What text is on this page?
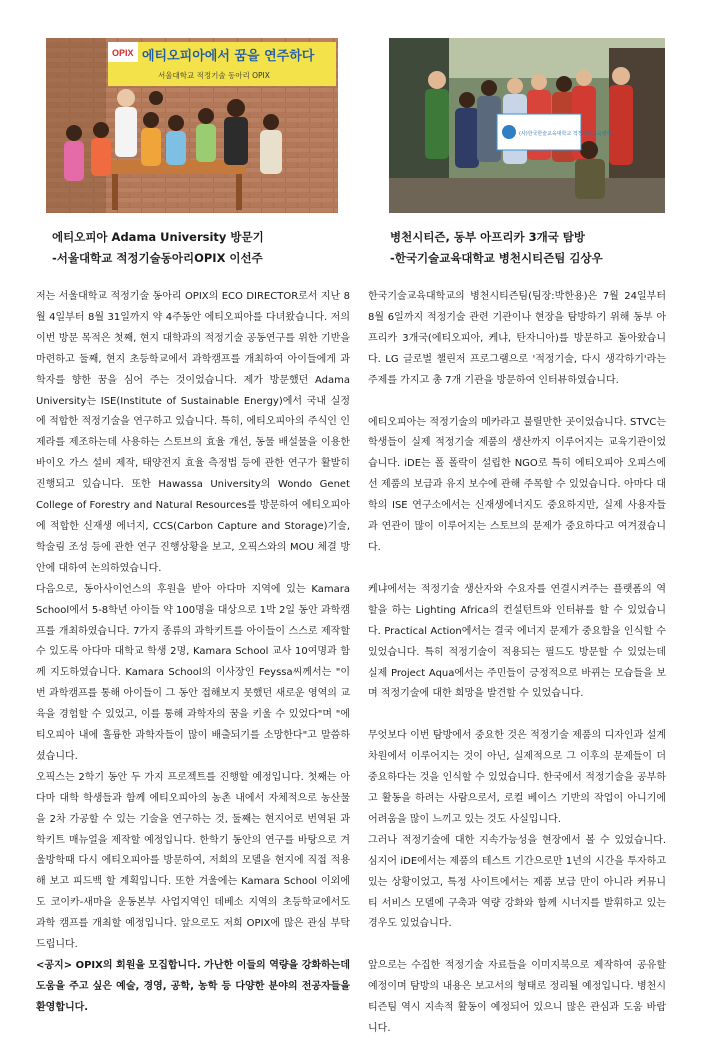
OPIX 에티오피아에서 꿈을 연주하다
서울대학교 적정기술 동아리 OPIX
(사)한국한술교육대학교 적정기술교육센터
에티오피아 Adama University 방문기
-서울대학교 적정기술동아리OPIX 이선주
병천시티즌, 동부 아프리카 3개국 탐방
-한국기술교육대학교 병천시티즌팀 김상우

저는 서울대학교 적정기술 동아리 OPIX의 ECO DIRECTOR로서 지난 8월 4일부터 8월 31일까지 약 4주동안 에티오피아를 다녀왔습니다. 저의 이번 방문 목적은 첫째, 현지 대학과의 적정기술 공동연구를 위한 기반을 마련하고 둘째, 현지 초등학교에서 과학캠프를 개최하여 아이들에게 과학자를 향한 꿈을 심어 주는 것이었습니다. 제가 방문했던 Adama University는 ISE(Institute of Sustainable Energy)에서 국내 실정에 적합한 적정기술을 연구하고 있습니다. 특히, 에티오피아의 주식인 인제라를 제조하는데 사용하는 스토브의 효율 개선, 동물 배설물을 이용한 바이오 가스 설비 제작, 태양전지 효율 측정법 등에 관한 연구가 활발히 진행되고 있습니다. 또한 Hawassa University의 Wondo Genet College of Forestry and Natural Resources를 방문하여 에티오피아에 적합한 신재생 에너지, CCS(Carbon Capture and Storage)기술, 학술림 조성 등에 관한 연구 진행상황을 보고, 오픽스와의 MOU 체결 방안에 대하여 논의하였습니다.

다음으로, 동아사이언스의 후원을 받아 아다마 지역에 있는 Kamara School에서 5-8학년 아이들 약 100명을 대상으로 1박 2일 동안 과학캠프를 개최하였습니다. 7가지 종류의 과학키트를 아이들이 스스로 제작할 수 있도록 아다마 대학교 학생 2명, Kamara School 교사 10여명과 함께 지도하였습니다. Kamara School의 이사장인 Feyssa씨께서는 "이번 과학캠프를 통해 아이들이 그 동안 접해보지 못했던 새로운 영역의 교육을 경험할 수 있었고, 이를 통해 과학자의 꿈을 키울 수 있었다"며 "에티오피아 내에 훌륭한 과학자들이 많이 배출되기를 소망한다"고 말씀하셨습니다.

오픽스는 2학기 동안 두 가지 프로젝트를 진행할 예정입니다. 첫째는 아다마 대학 학생들과 함께 에티오피아의 농촌 내에서 자체적으로 농산물을 2차 가공할 수 있는 기술을 연구하는 것, 둘째는 현지어로 번역된 과학키트 매뉴얼을 제작할 예정입니다. 한학기 동안의 연구를 바탕으로 겨울방학때 다시 에티오피아를 방문하여, 저희의 모델을 현지에 직접 적용해 보고 피드백 할 계획입니다. 또한 겨울에는 Kamara School 이외에도 코이카-새마을 운동본부 사업지역인 데베소 지역의 초등학교에서도 과학 캠프를 개최할 예정입니다. 앞으로도 저희 OPIX에 많은 관심 부탁드립니다.

<공지> OPIX의 회원을 모집합니다. 가난한 이들의 역량을 강화하는데 도움을 주고 싶은 예술, 경영, 공학, 농학 등 다양한 분야의 전공자들을 환영합니다.

한국기술교육대학교의 병천시티즌팀(팀장:박한용)은 7월 24일부터 8월 6일까지 적정기술 관련 기관이나 현장을 탐방하기 위해 동부 아프리카 3개국(에티오피아, 케냐, 탄자니아)를 방문하고 돌아왔습니다. LG 글로벌 챌린저 프로그램으로 '적정기술, 다시 생각하기'라는 주제를 가지고 총 7개 기관을 방문하여 인터뷰하였습니다.

에티오피아는 적정기술의 메카라고 불릴만한 곳이었습니다. STVC는 학생들이 실제 적정기술 제품의 생산까지 이루어지는 교육기관이었습니다. iDE는 폴 폴락이 설립한 NGO로 특히 에티오피아 오피스에선 제품의 보급과 유지 보수에 관해 주목할 수 있었습니다. 아마다 대학의 ISE 연구소에서는 신재생에너지도 중요하지만, 실제 사용자들과 연관이 많이 이루어지는 스토브의 문제가 중요하다고 여겨졌습니다.

케냐에서는 적정기술 생산자와 수요자를 연결시켜주는 플랫폼의 역할을 하는 Lighting Africa의 컨설턴트와 인터뷰를 할 수 있었습니다. Practical Action에서는 결국 에너지 문제가 중요함을 인식할 수 있었습니다. 특히 적정기술이 적용되는 필드도 방문할 수 있었는데 실제 Project Aqua에서는 주민들이 긍정적으로 바뀌는 모습들을 보며 적정기술에 대한 희망을 발견할 수 있었습니다.

무엇보다 이번 탐방에서 중요한 것은 적정기술 제품의 디자인과 설계 차원에서 이루어지는 것이 아닌, 실제적으로 그 이후의 문제들이 더 중요하다는 것을 인식할 수 있었습니다. 한국에서 적정기술을 공부하고 활동을 하려는 사람으로서, 로컬 베이스 기반의 작업이 아니기에 어려움을 많이 느끼고 있는 것도 사실입니다.

그러나 적정기술에 대한 지속가능성을 현장에서 볼 수 있었습니다. 심지어 iDE에서는 제품의 테스트 기간으로만 1년의 시간을 투자하고 있는 상황이었고, 특정 사이트에서는 제품 보급 만이 아니라 커뮤니티 서비스 모델에 구축과 역량 강화와 함께 시너지를 발휘하고 있는 경우도 있었습니다.

앞으로는 수집한 적정기술 자료들을 이미지북으로 제작하여 공유할 예정이며 탐방의 내용은 보고서의 형태로 정리될 예정입니다. 병천시티즌팀 역시 지속적 활동이 예정되어 있으니 많은 관심과 도움 바랍니다.
